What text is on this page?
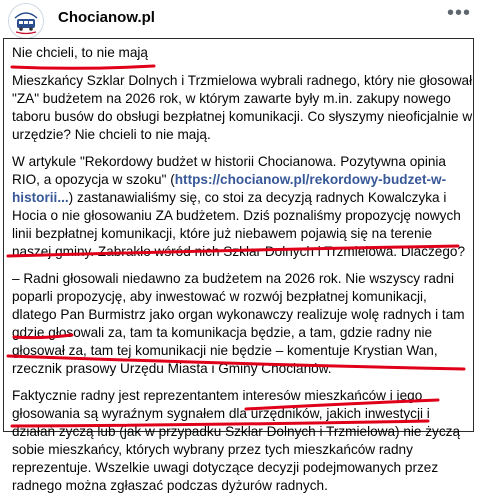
Chocianow.pl	•••

Nie chcieli, to nie mają

Mieszkańcy Szklar Dolnych i Trzmielowa wybrali radnego, który nie głosował "ZA" budżetem na 2026 rok, w którym zawarte były m.in. zakupy nowego taboru busów do obsługi bezpłatnej komunikacji. Co słyszymy nieoficjalnie w urzędzie? Nie chcieli to nie mają.

W artykule "Rekordowy budżet w historii Chocianowa. Pozytywna opinia RIO, a opozycja w szoku" (https://chocianow.pl/rekordowy-budzet-w-historii...) zastanawialiśmy się, co stoi za decyzją radnych Kowalczyka i Hocia o nie głosowaniu ZA budżetem. Dziś poznaliśmy propozycję nowych linii bezpłatnej komunikacji, które już niebawem pojawią się na terenie naszej gminy. Zabrakło wśród nich Szklar Dolnych i Trzmielowa. Dlaczego?

– Radni głosowali niedawno za budżetem na 2026 rok. Nie wszyscy radni poparli propozycję, aby inwestować w rozwój bezpłatnej komunikacji, dlatego Pan Burmistrz jako organ wykonawczy realizuje wolę radnych i tam gdzie głosowali za, tam ta komunikacja będzie, a tam, gdzie radny nie głosował za, tam tej komunikacji nie będzie – komentuje Krystian Wan, rzecznik prasowy Urzędu Miasta i Gminy Chocianów.

Faktycznie radny jest reprezentantem interesów mieszkańców i jego głosowania są wyraźnym sygnałem dla urzędników, jakich inwestycji i działań życzą lub (jak w przypadku Szklar Dolnych i Trzmielowa) nie życzą sobie mieszkańcy, których wybrany przez tych mieszkańców radny reprezentuje. Wszelkie uwagi dotyczące decyzji podejmowanych przez radnego można zgłaszać podczas dyżurów radnych.
